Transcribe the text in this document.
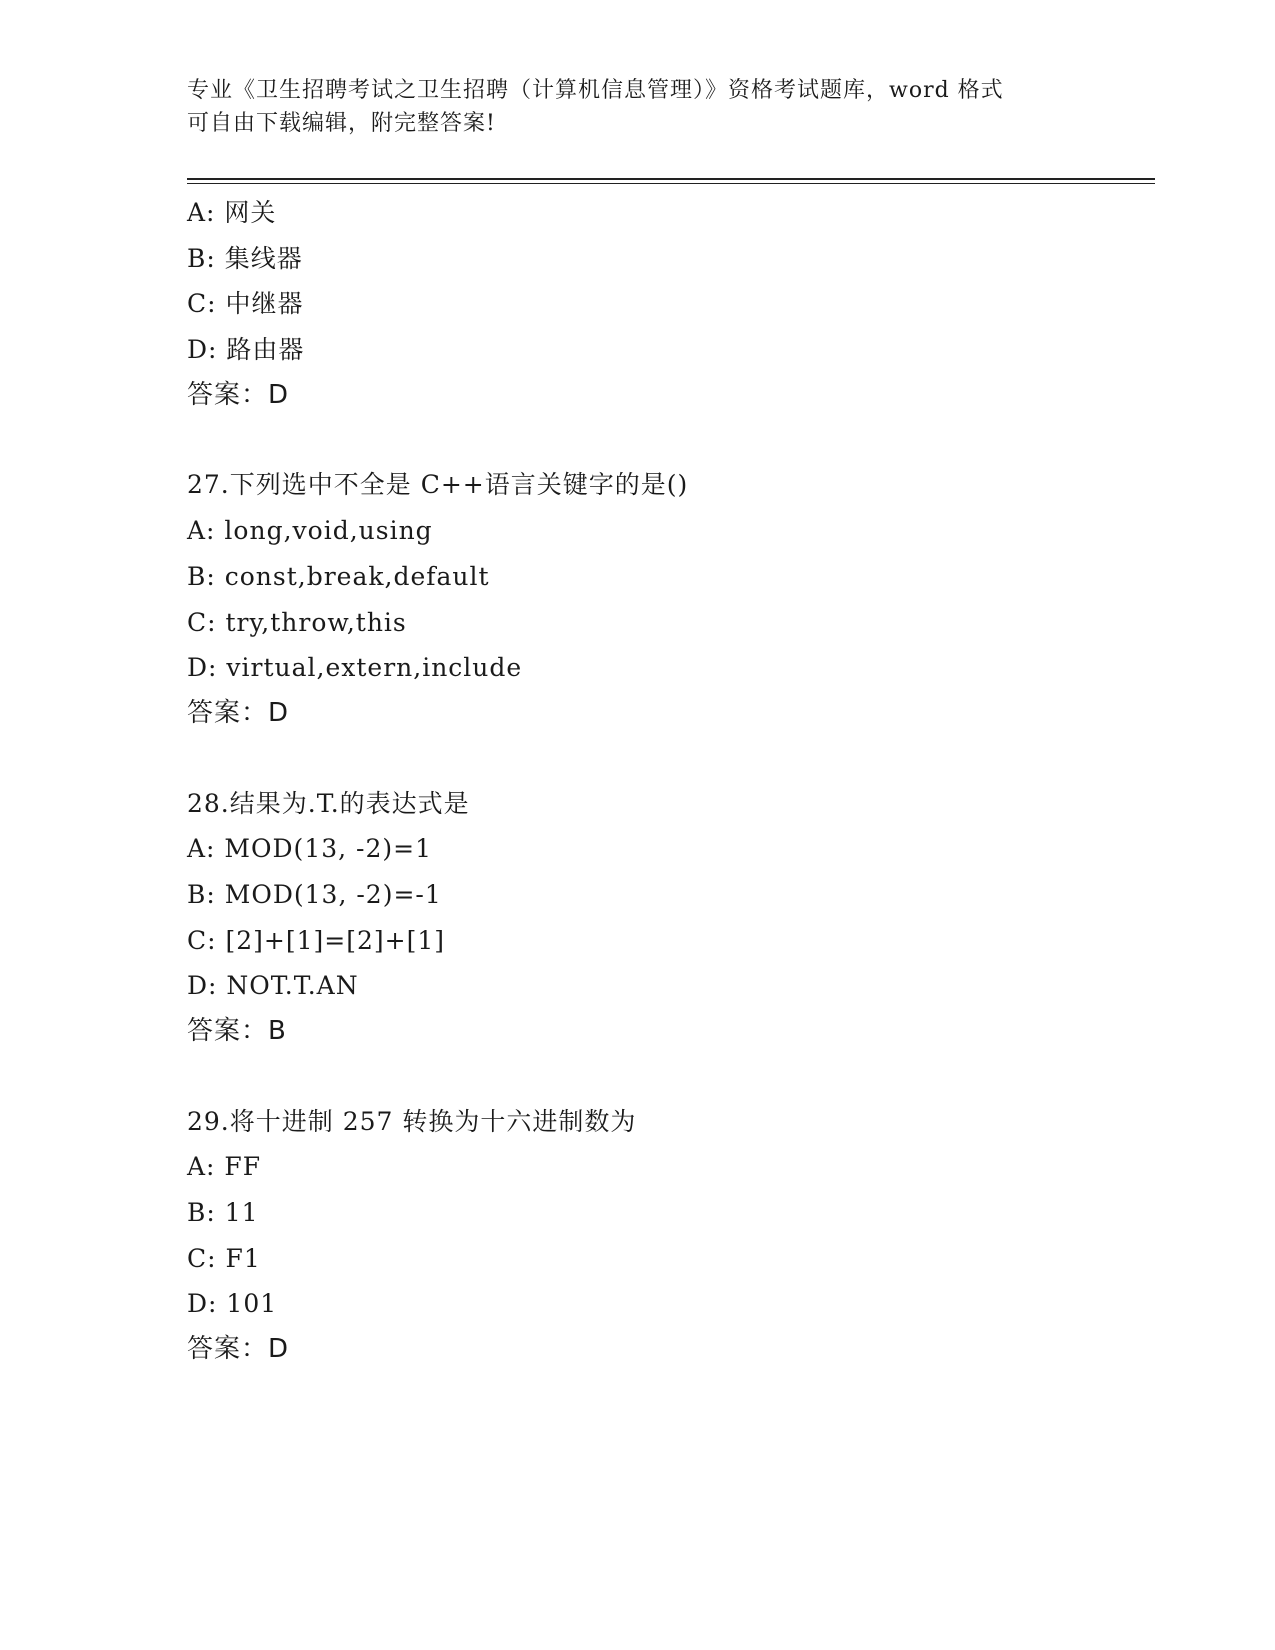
专业《卫生招聘考试之卫生招聘（计算机信息管理）》资格考试题库，word 格式
可自由下载编辑，附完整答案!
A: 网关
B: 集线器
C: 中继器
D: 路由器
答案：D
27.下列选中不全是 C++语言关键字的是()
A: long,void,using
B: const,break,default
C: try,throw,this
D: virtual,extern,include
答案：D
28.结果为.T.的表达式是
A: MOD(13, -2)=1
B: MOD(13, -2)=-1
C: [2]+[1]=[2]+[1]
D: NOT.T.AN
答案：B
29.将十进制 257 转换为十六进制数为
A: FF
B: 11
C: F1
D: 101
答案：D
